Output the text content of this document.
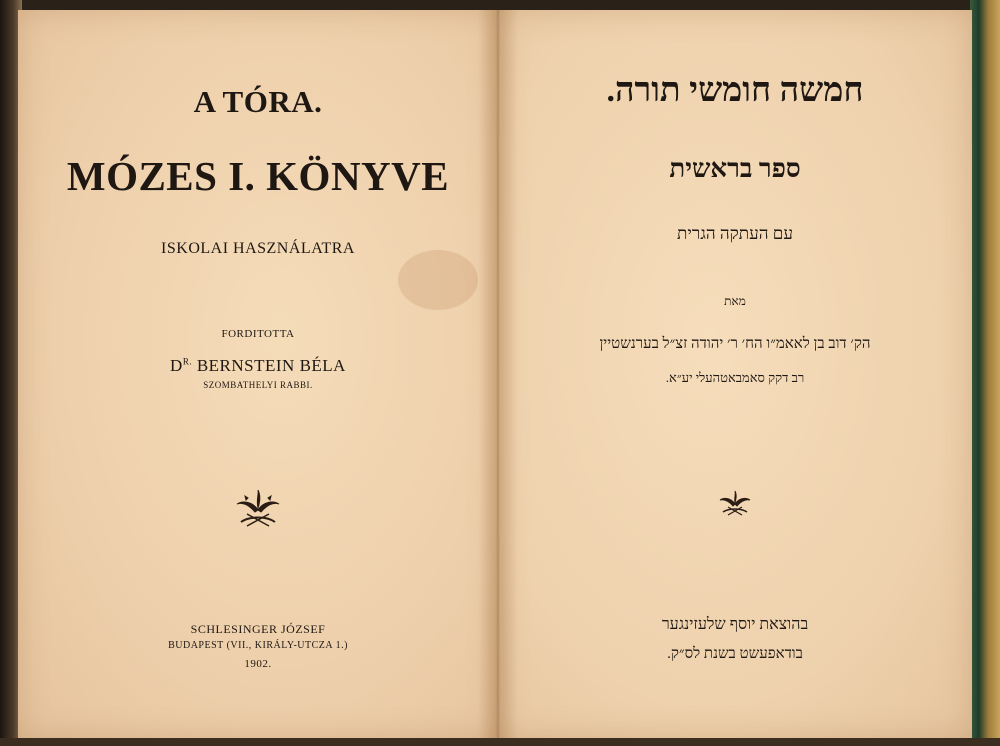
A TÓRA.
MÓZES I. KÖNYVE
ISKOLAI HASZNÁLATRA
FORDITOTTA
$D^{R.}$ BERNSTEIN BÉLA
SZOMBATHELYI RABBI.
SCHLESINGER JÓZSEF
BUDAPEST (VII., KIRÁLY-UTCZA 1.)
1902.
חמשה חומשי תורה.
ספר בראשית
עם העתקה הגרית
מאת
הק׳ דוב בן לאאמ״ו הח׳ ר׳ יהודה זצ״ל בערנשטיין
רב דקק סאמבאטהעלי יע״א.
בהוצאת יוסף שלעזינגער
בודאפעשט בשנת לס״ק.
